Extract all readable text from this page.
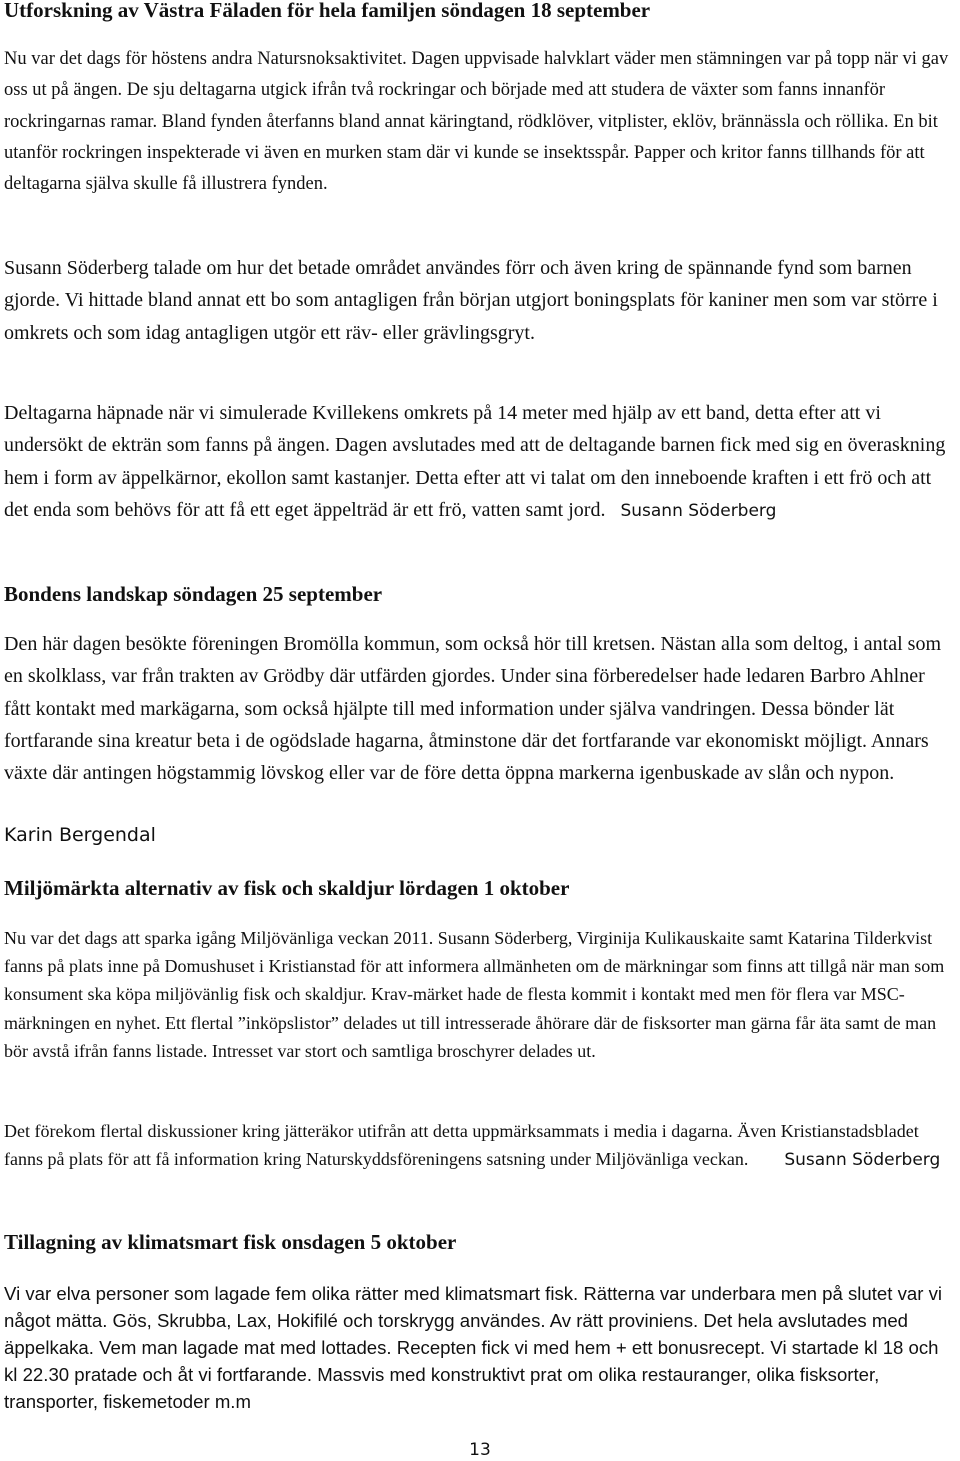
Utforskning av Västra Fäladen för hela familjen söndagen 18 september

Nu var det dags för höstens andra Natursnoksaktivitet. Dagen uppvisade halvklart väder men stämningen var på topp när vi gav oss ut på ängen. De sju deltagarna utgick ifrån två rockringar och började med att studera de växter som fanns innanför rockringarnas ramar. Bland fynden återfanns bland annat käringtand, rödklöver, vitplister, eklöv, brännässla och röllika. En bit utanför rockringen inspekterade vi även en murken stam där vi kunde se insektsspår. Papper och kritor fanns tillhands för att deltagarna själva skulle få illustrera fynden.

Susann Söderberg talade om hur det betade området användes förr och även kring de spännande fynd som barnen gjorde. Vi hittade bland annat ett bo som antagligen från början utgjort boningsplats för kaniner men som var större i omkrets och som idag antagligen utgör ett räv- eller grävlingsgryt.

Deltagarna häpnade när vi simulerade Kvillekens omkrets på 14 meter med hjälp av ett band, detta efter att vi undersökt de ekträn som fanns på ängen. Dagen avslutades med att de deltagande barnen fick med sig en överaskning hem i form av äppelkärnor, ekollon samt kastanjer. Detta efter att vi talat om den inneboende kraften i ett frö och att det enda som behövs för att få ett eget äppelträd är ett frö, vatten samt jord. Susann Söderberg

Bondens landskap söndagen 25 september

Den här dagen besökte föreningen Bromölla kommun, som också hör till kretsen. Nästan alla som deltog, i antal som en skolklass, var från trakten av Grödby där utfärden gjordes. Under sina förberedelser hade ledaren Barbro Ahlner fått kontakt med markägarna, som också hjälpte till med information under själva vandringen. Dessa bönder lät fortfarande sina kreatur beta i de ogödslade hagarna, åtminstone där det fortfarande var ekonomiskt möjligt. Annars växte där antingen högstammig lövskog eller var de före detta öppna markerna igenbuskade av slån och nypon.

Karin Bergendal

Miljömärkta alternativ av fisk och skaldjur lördagen 1 oktober

Nu var det dags att sparka igång Miljövänliga veckan 2011. Susann Söderberg, Virginija Kulikauskaite samt Katarina Tilderkvist fanns på plats inne på Domushuset i Kristianstad för att informera allmänheten om de märkningar som finns att tillgå när man som konsument ska köpa miljövänlig fisk och skaldjur. Krav-märket hade de flesta kommit i kontakt med men för flera var MSC-märkningen en nyhet. Ett flertal ”inköpslistor” delades ut till intresserade åhörare där de fisksorter man gärna får äta samt de man bör avstå ifrån fanns listade. Intresset var stort och samtliga broschyrer delades ut.

Det förekom flertal diskussioner kring jätteräkor utifrån att detta uppmärksammats i media i dagarna. Även Kristianstadsbladet fanns på plats för att få information kring Naturskyddsföreningens satsning under Miljövänliga veckan. Susann Söderberg

Tillagning av klimatsmart fisk onsdagen 5 oktober

Vi var elva personer som lagade fem olika rätter med klimatsmart fisk. Rätterna var underbara men på slutet var vi något mätta. Gös, Skrubba, Lax, Hokifilé och torskrygg användes. Av rätt proviniens. Det hela avslutades med äppelkaka. Vem man lagade mat med lottades. Recepten fick vi med hem + ett bonusrecept. Vi startade kl 18 och kl 22.30 pratade och åt vi fortfarande. Massvis med konstruktivt prat om olika restauranger, olika fisksorter, transporter, fiskemetoder m.m

13
